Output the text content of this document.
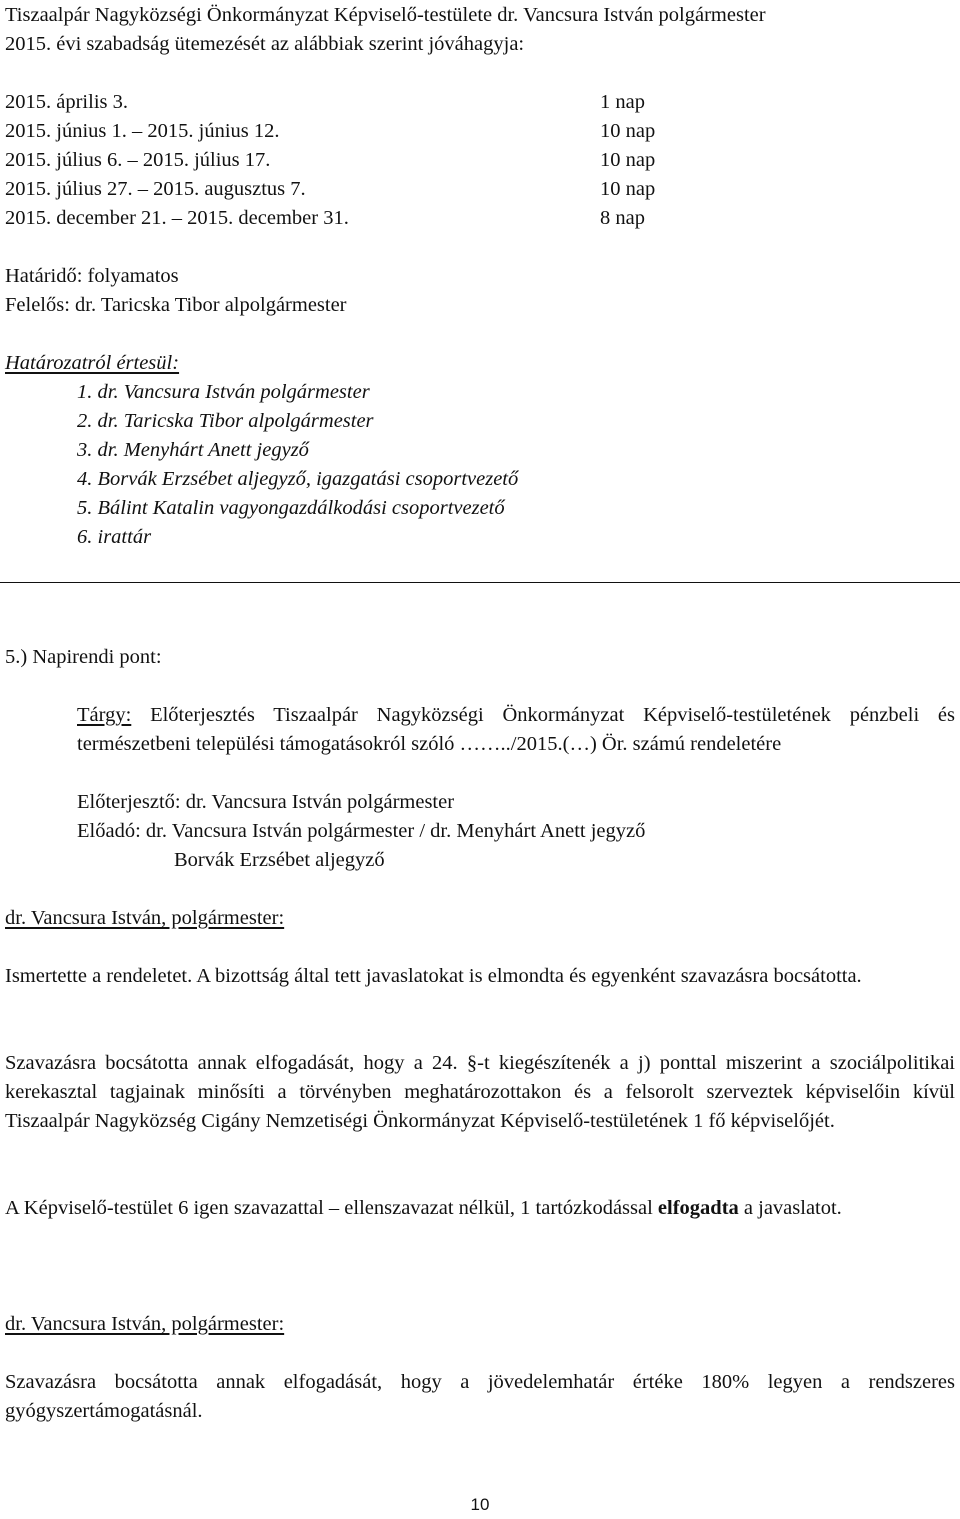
Tiszaalpár Nagyközségi Önkormányzat Képviselő-testülete dr. Vancsura István polgármester
2015. évi szabadság ütemezését az alábbiak szerint jóváhagyja:
2015. április 3.	1 nap
2015. június 1. – 2015. június 12.	10 nap
2015. július 6. – 2015. július 17.	10 nap
2015. július 27. – 2015. augusztus 7.	10 nap
2015. december 21. – 2015. december 31.	8 nap
Határidő: folyamatos
Felelős: dr. Taricska Tibor alpolgármester
Határozatról értesül:
1. dr. Vancsura István polgármester
2. dr. Taricska Tibor alpolgármester
3. dr. Menyhárt Anett jegyző
4. Borvák Erzsébet aljegyző, igazgatási csoportvezető
5. Bálint Katalin vagyongazdálkodási csoportvezető
6. irattár
5.) Napirendi pont:
Tárgy: Előterjesztés Tiszaalpár Nagyközségi Önkormányzat Képviselő-testületének pénzbeli és természetbeni települési támogatásokról szóló ……../2015.(…) Ör. számú rendeletére
Előterjesztő: dr. Vancsura István polgármester
Előadó: dr. Vancsura István polgármester / dr. Menyhárt Anett jegyző
Borvák Erzsébet aljegyző
dr. Vancsura István, polgármester:
Ismertette a rendeletet. A bizottság által tett javaslatokat is elmondta és egyenként szavazásra bocsátotta.
Szavazásra bocsátotta annak elfogadását, hogy a 24. §-t kiegészítenék a j) ponttal miszerint a szociálpolitikai kerekasztal tagjainak minősíti a törvényben meghatározottakon és a felsorolt szerveztek képviselőin kívül Tiszaalpár Nagyközség Cigány Nemzetiségi Önkormányzat Képviselő-testületének 1 fő képviselőjét.
A Képviselő-testület 6 igen szavazattal – ellenszavazat nélkül, 1 tartózkodással elfogadta a javaslatot.
dr. Vancsura István, polgármester:
Szavazásra bocsátotta annak elfogadását, hogy a jövedelemhatár értéke 180% legyen a rendszeres gyógyszertámogatásnál.
10
